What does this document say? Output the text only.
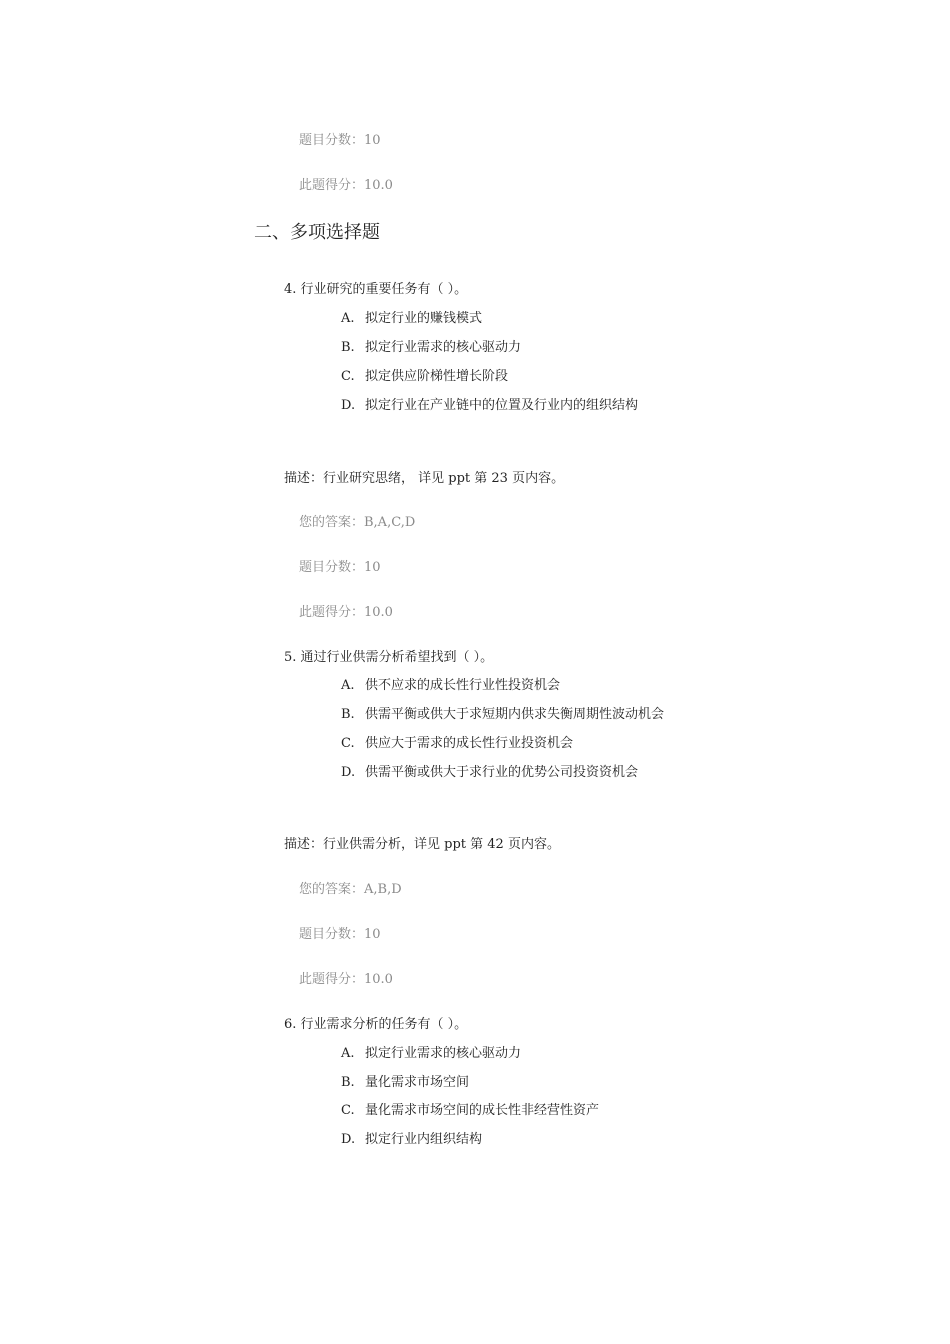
题目分数：10
此题得分：10.0
二、多项选择题
4. 行业研究的重要任务有（ ）。
A. 拟定行业的赚钱模式
B. 拟定行业需求的核心驱动力
C. 拟定供应阶梯性增长阶段
D. 拟定行业在产业链中的位置及行业内的组织结构
描述：行业研究思绪， 详见 ppt 第 23 页内容。
您的答案：B,A,C,D
题目分数：10
此题得分：10.0
5. 通过行业供需分析希望找到（ ）。
A. 供不应求的成长性行业性投资机会
B. 供需平衡或供大于求短期内供求失衡周期性波动机会
C. 供应大于需求的成长性行业投资机会
D. 供需平衡或供大于求行业的优势公司投资资机会
描述：行业供需分析，详见 ppt 第 42 页内容。
您的答案：A,B,D
题目分数：10
此题得分：10.0
6. 行业需求分析的任务有（ ）。
A. 拟定行业需求的核心驱动力
B. 量化需求市场空间
C. 量化需求市场空间的成长性非经营性资产
D. 拟定行业内组织结构
